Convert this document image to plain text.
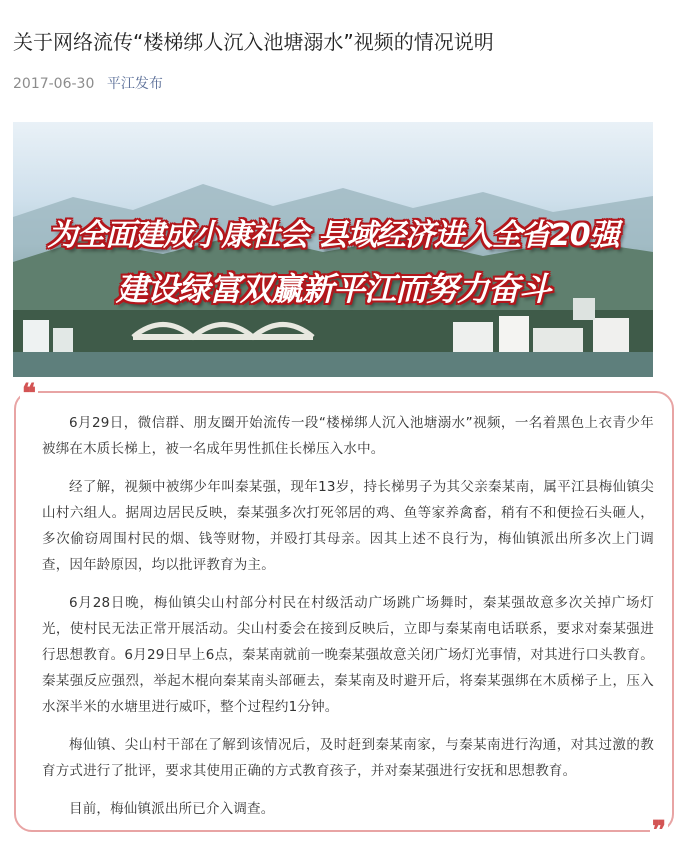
关于网络流传“楼梯绑人沉入池塘溺水”视频的情况说明
2017-06-30 平江发布
为全面建成小康社会 县域经济进入全省20强
建设绿富双赢新平江而努力奋斗
❝
❞

6月29日，微信群、朋友圈开始流传一段“楼梯绑人沉入池塘溺水”视频，一名着黑色上衣青少年被绑在木质长梯上，被一名成年男性抓住长梯压入水中。

经了解，视频中被绑少年叫秦某强，现年13岁，持长梯男子为其父亲秦某南，属平江县梅仙镇尖山村六组人。据周边居民反映，秦某强多次打死邻居的鸡、鱼等家养禽畜，稍有不和便捡石头砸人，多次偷窃周围村民的烟、钱等财物，并殴打其母亲。因其上述不良行为，梅仙镇派出所多次上门调查，因年龄原因，均以批评教育为主。

6月28日晚，梅仙镇尖山村部分村民在村级活动广场跳广场舞时，秦某强故意多次关掉广场灯光，使村民无法正常开展活动。尖山村委会在接到反映后，立即与秦某南电话联系，要求对秦某强进行思想教育。6月29日早上6点，秦某南就前一晚秦某强故意关闭广场灯光事情，对其进行口头教育。秦某强反应强烈，举起木棍向秦某南头部砸去，秦某南及时避开后，将秦某强绑在木质梯子上，压入水深半米的水塘里进行威吓，整个过程约1分钟。

梅仙镇、尖山村干部在了解到该情况后，及时赶到秦某南家，与秦某南进行沟通，对其过激的教育方式进行了批评，要求其使用正确的方式教育孩子，并对秦某强进行安抚和思想教育。

目前，梅仙镇派出所已介入调查。
